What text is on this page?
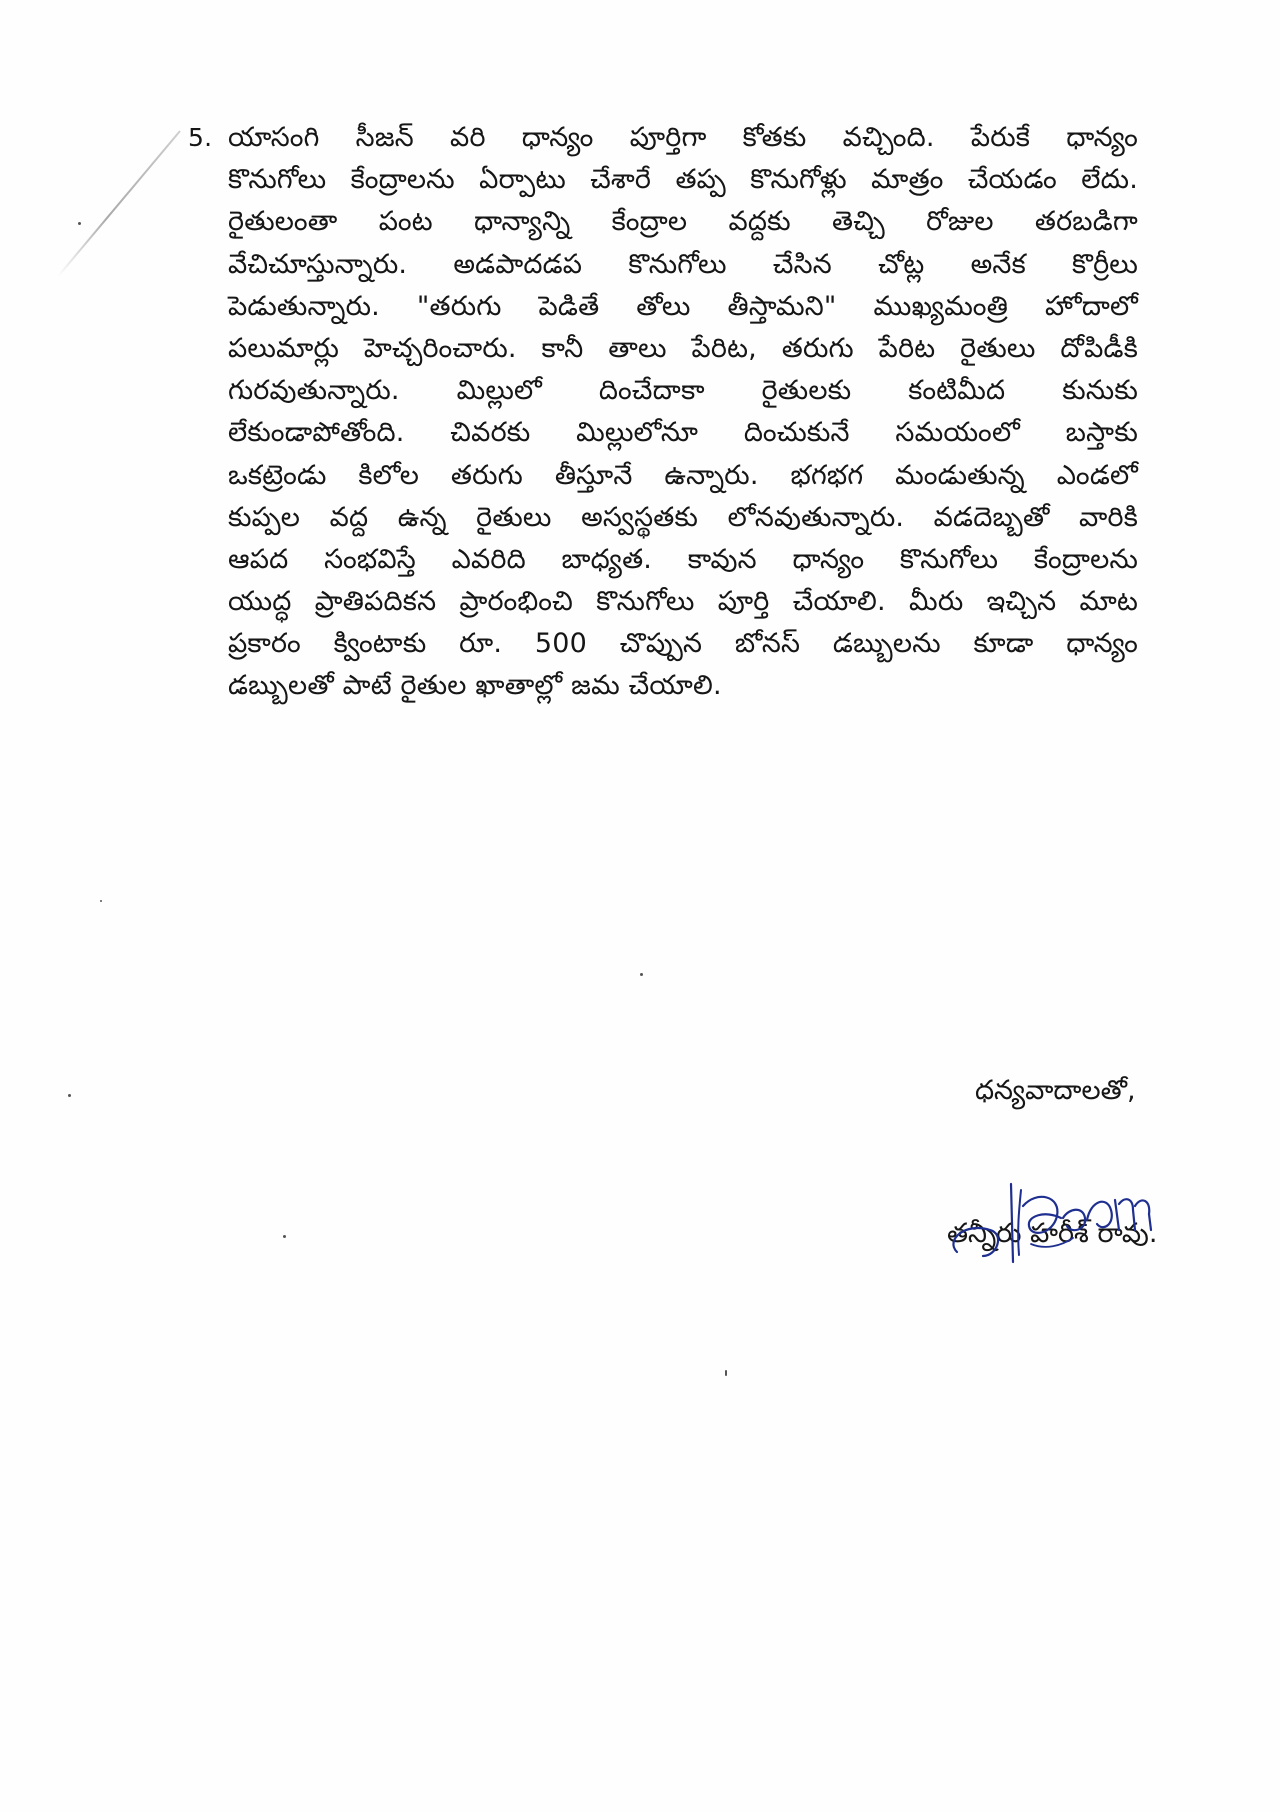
5. యాసంగి సీజన్ వరి ధాన్యం పూర్తిగా కోతకు వచ్చింది. పేరుకే ధాన్యం
కొనుగోలు కేంద్రాలను ఏర్పాటు చేశారే తప్ప కొనుగోళ్లు మాత్రం చేయడం లేదు.
రైతులంతా పంట ధాన్యాన్ని కేంద్రాల వద్దకు తెచ్చి రోజుల తరబడిగా
వేచిచూస్తున్నారు. అడపాదడప కొనుగోలు చేసిన చోట్ల అనేక కొర్రీలు
పెడుతున్నారు. "తరుగు పెడితే తోలు తీస్తామని" ముఖ్యమంత్రి హోదాలో
పలుమార్లు హెచ్చరించారు. కానీ తాలు పేరిట, తరుగు పేరిట రైతులు దోపిడీకి
గురవుతున్నారు. మిల్లులో దించేదాకా రైతులకు కంటిమీద కునుకు
లేకుండాపోతోంది. చివరకు మిల్లులోనూ దించుకునే సమయంలో బస్తాకు
ఒకట్రెండు కిలోల తరుగు తీస్తూనే ఉన్నారు. భగభగ మండుతున్న ఎండలో
కుప్పల వద్ద ఉన్న రైతులు అస్వస్థతకు లోనవుతున్నారు. వడదెబ్బతో వారికి
ఆపద సంభవిస్తే ఎవరిది బాధ్యత. కావున ధాన్యం కొనుగోలు కేంద్రాలను
యుద్ధ ప్రాతిపదికన ప్రారంభించి కొనుగోలు పూర్తి చేయాలి. మీరు ఇచ్చిన మాట
ప్రకారం క్వింటాకు రూ. 500 చొప్పున బోనస్ డబ్బులను కూడా ధాన్యం
డబ్బులతో పాటే రైతుల ఖాతాల్లో జమ చేయాలి.
ధన్యవాదాలతో,
తన్నీరు హరీశ్ రావు.
